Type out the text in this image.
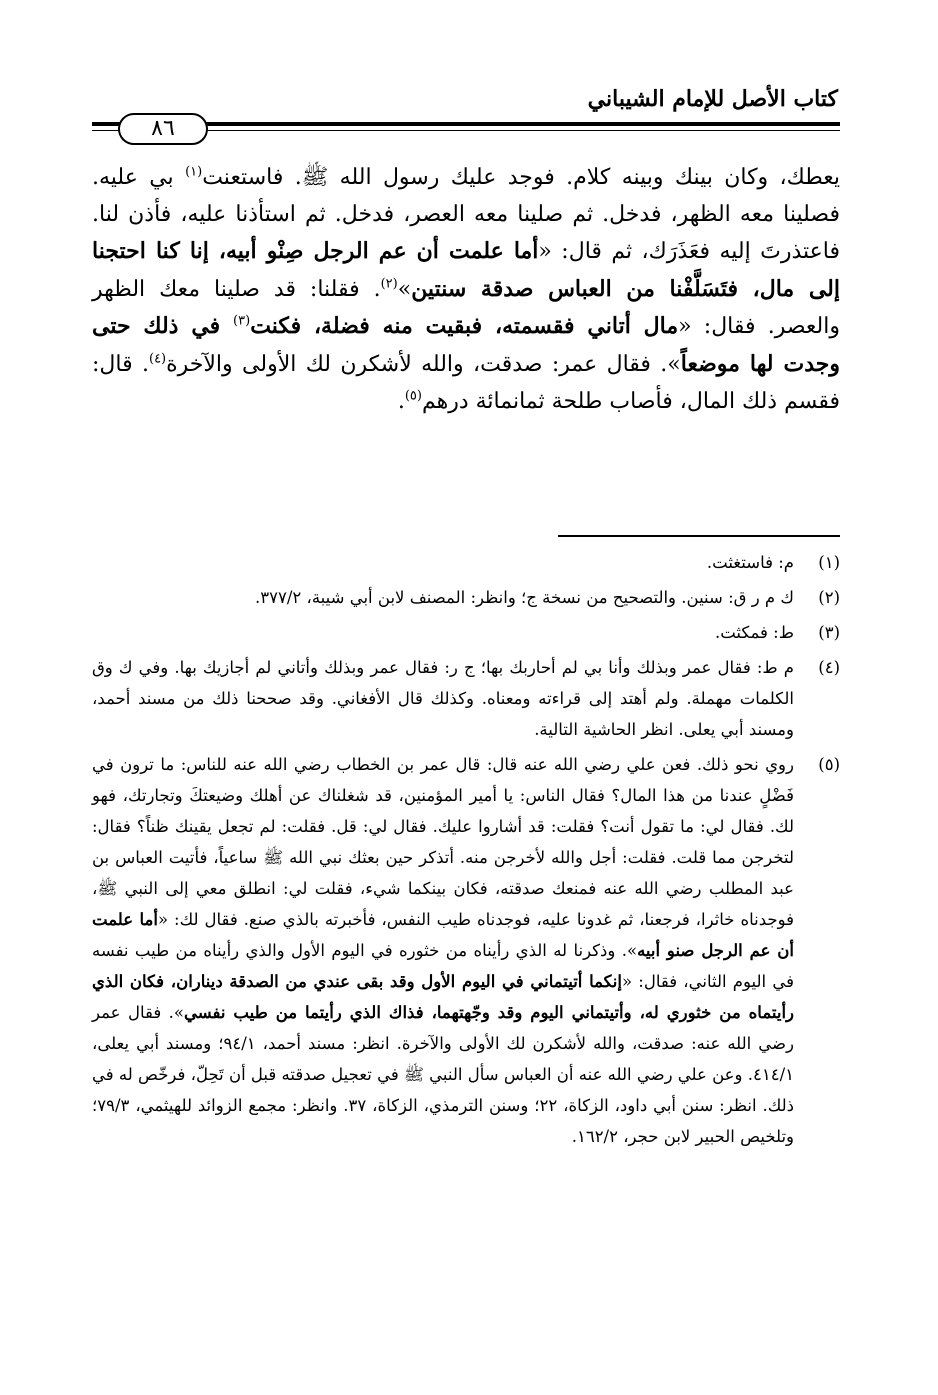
كتاب الأصل للإمام الشيباني
٨٦

يعطك، وكان بينك وبينه كلام. فوجد عليك رسول الله ﷺ. فاستعنت$^{(١)}$ بي عليه. فصلينا معه الظهر، فدخل. ثم صلينا معه العصر، فدخل. ثم استأذنا عليه، فأذن لنا. فاعتذرتَ إليه فعَذَرَك، ثم قال: «أما علمت أن عم الرجل صِنْو أبيه، إنا كنا احتجنا إلى مال، فتَسَلَّفْنا من العباس صدقة سنتين»$^{(٢)}$. فقلنا: قد صلينا معك الظهر والعصر. فقال: «مال أتاني فقسمته، فبقيت منه فضلة، فكنت$^{(٣)}$ في ذلك حتى وجدت لها موضعاً». فقال عمر: صدقت، والله لأشكرن لك الأولى والآخرة$^{(٤)}$. قال: فقسم ذلك المال، فأصاب طلحة ثمانمائة درهم$^{(٥)}$.

(١)
م: فاستغثت.
(٢)
ك م ر ق: سنين. والتصحيح من نسخة ج؛ وانظر: المصنف لابن أبي شيبة، ٣٧٧/٢.
(٣)
ط: فمكثت.
(٤)
م ط: فقال عمر وبذلك وأنا بي لم أحاربك بها؛ ج ر: فقال عمر وبذلك وأتاني لم أجازيك بها. وفي ك وق الكلمات مهملة. ولم أهتد إلى قراءته ومعناه. وكذلك قال الأفغاني. وقد صححنا ذلك من مسند أحمد، ومسند أبي يعلى. انظر الحاشية التالية.
(٥)
روي نحو ذلك. فعن علي رضي الله عنه قال: قال عمر بن الخطاب رضي الله عنه للناس: ما ترون في فَضْلٍ عندنا من هذا المال؟ فقال الناس: يا أمير المؤمنين، قد شغلناك عن أهلك وضيعتكَ وتجارتك، فهو لك. فقال لي: ما تقول أنت؟ فقلت: قد أشاروا عليك. فقال لي: قل. فقلت: لم تجعل يقينك ظناً؟ فقال: لتخرجن مما قلت. فقلت: أجل والله لأخرجن منه. أتذكر حين بعثك نبي الله ﷺ ساعياً، فأتيت العباس بن عبد المطلب رضي الله عنه فمنعك صدقته، فكان بينكما شيء، فقلت لي: انطلق معي إلى النبي ﷺ، فوجدناه خاثرا، فرجعنا، ثم غدونا عليه، فوجدناه طيب النفس، فأخبرته بالذي صنع. فقال لك: «أما علمت أن عم الرجل صنو أبيه». وذكرنا له الذي رأيناه من خثوره في اليوم الأول والذي رأيناه من طيب نفسه في اليوم الثاني، فقال: «إنكما أتيتماني في اليوم الأول وقد بقى عندي من الصدقة ديناران، فكان الذي رأيتماه من خثوري له، وأتيتماني اليوم وقد وجّهتهما، فذاك الذي رأيتما من طيب نفسي». فقال عمر رضي الله عنه: صدقت، والله لأشكرن لك الأولى والآخرة. انظر: مسند أحمد، ٩٤/١؛ ومسند أبي يعلى، ٤١٤/١. وعن علي رضي الله عنه أن العباس سأل النبي ﷺ في تعجيل صدقته قبل أن تَحِلّ، فرخّص له في ذلك. انظر: سنن أبي داود، الزكاة، ٢٢؛ وسنن الترمذي، الزكاة، ٣٧. وانظر: مجمع الزوائد للهيثمي، ٧٩/٣؛ وتلخيص الحبير لابن حجر، ١٦٢/٢.
